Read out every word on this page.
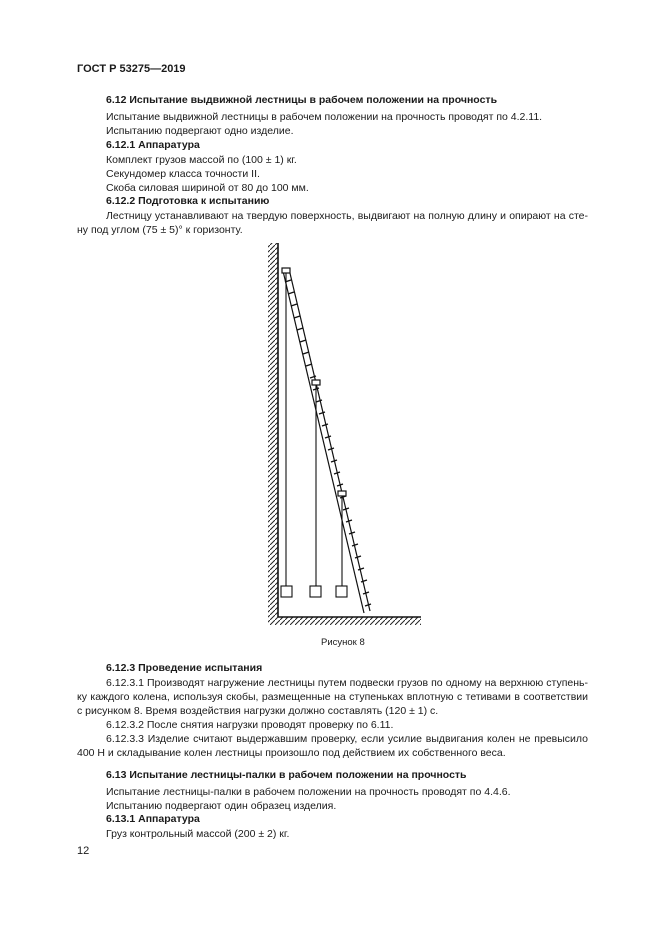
ГОСТ Р 53275—2019
6.12 Испытание выдвижной лестницы в рабочем положении на прочность
Испытание выдвижной лестницы в рабочем положении на прочность проводят по 4.2.11.
Испытанию подвергают одно изделие.
6.12.1 Аппаратура
Комплект грузов массой по (100 ± 1) кг.
Секундомер класса точности II.
Скоба силовая шириной от 80 до 100 мм.
6.12.2 Подготовка к испытанию
Лестницу устанавливают на твердую поверхность, выдвигают на полную длину и опирают на сте-
ну под углом (75 ± 5)° к горизонту.
Рисунок 8
6.12.3 Проведение испытания
6.12.3.1 Производят нагружение лестницы путем подвески грузов по одному на верхнюю ступень-
ку каждого колена, используя скобы, размещенные на ступеньках вплотную с тетивами в соответствии
с рисунком 8. Время воздействия нагрузки должно составлять (120 ± 1) с.
6.12.3.2 После снятия нагрузки проводят проверку по 6.11.
6.12.3.3 Изделие считают выдержавшим проверку, если усилие выдвигания колен не превысило
400 Н и складывание колен лестницы произошло под действием их собственного веса.
6.13 Испытание лестницы-палки в рабочем положении на прочность
Испытание лестницы-палки в рабочем положении на прочность проводят по 4.4.6.
Испытанию подвергают один образец изделия.
6.13.1 Аппаратура
Груз контрольный массой (200 ± 2) кг.
12
